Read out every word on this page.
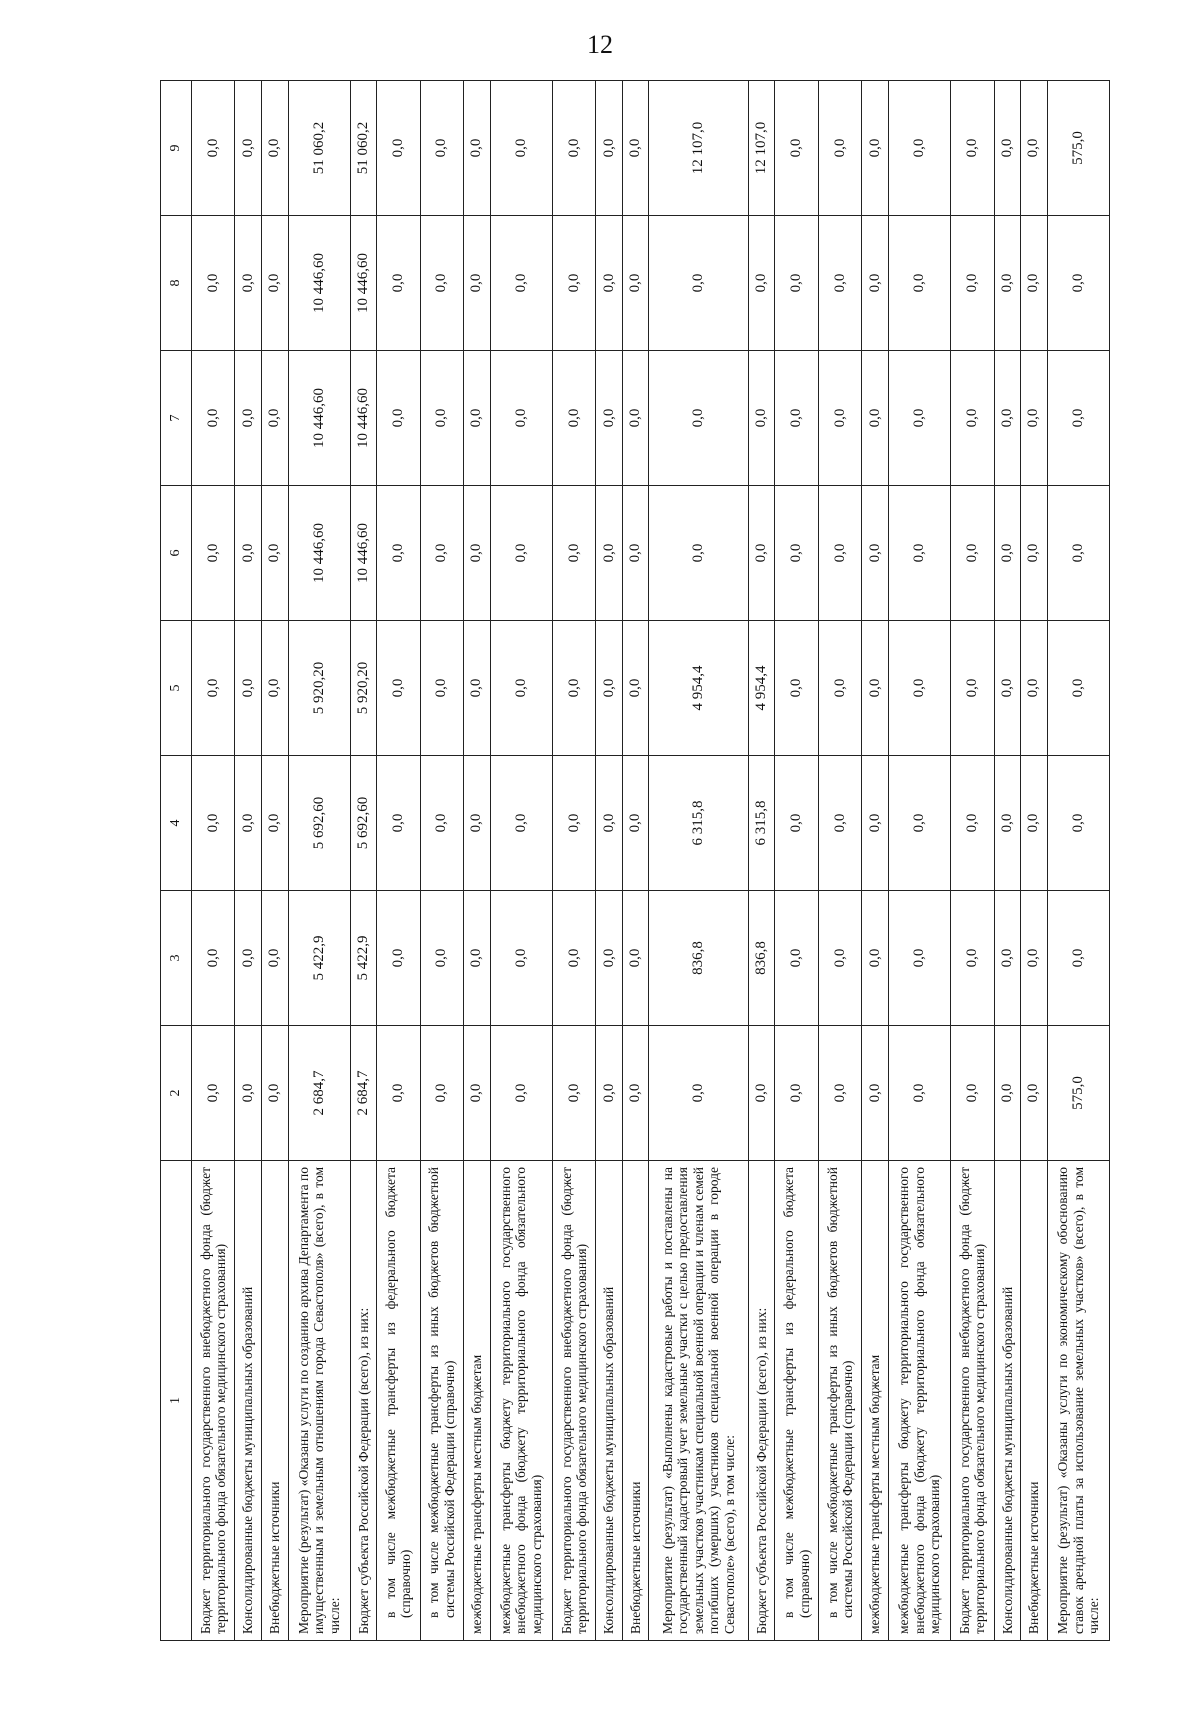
12
1	2	3	4	5	6	7	8	9
Бюджет территориального государственного внебюджетного фонда (бюджет территориального фонда обязательного медицинского страхования)	0,0	0,0	0,0	0,0	0,0	0,0	0,0	0,0
Консолидированные бюджеты муниципальных образований	0,0	0,0	0,0	0,0	0,0	0,0	0,0	0,0
Внебюджетные источники	0,0	0,0	0,0	0,0	0,0	0,0	0,0	0,0
Мероприятие (результат) «Оказаны услуги по созданию архива Департамента по имущественным и земельным отношениям города Севастополя» (всего), в том числе:	2 684,7	5 422,9	5 692,60	5 920,20	10 446,60	10 446,60	10 446,60	51 060,2
Бюджет субъекта Российской Федерации (всего), из них:	2 684,7	5 422,9	5 692,60	5 920,20	10 446,60	10 446,60	10 446,60	51 060,2
в том числе межбюджетные трансферты из федерального бюджета (справочно)	0,0	0,0	0,0	0,0	0,0	0,0	0,0	0,0
в том числе межбюджетные трансферты из иных бюджетов бюджетной системы Российской Федерации (справочно)	0,0	0,0	0,0	0,0	0,0	0,0	0,0	0,0
межбюджетные трансферты местным бюджетам	0,0	0,0	0,0	0,0	0,0	0,0	0,0	0,0
межбюджетные трансферты бюджету территориального государственного внебюджетного фонда (бюджету территориального фонда обязательного медицинского страхования)	0,0	0,0	0,0	0,0	0,0	0,0	0,0	0,0
Бюджет территориального государственного внебюджетного фонда (бюджет территориального фонда обязательного медицинского страхования)	0,0	0,0	0,0	0,0	0,0	0,0	0,0	0,0
Консолидированные бюджеты муниципальных образований	0,0	0,0	0,0	0,0	0,0	0,0	0,0	0,0
Внебюджетные источники	0,0	0,0	0,0	0,0	0,0	0,0	0,0	0,0
Мероприятие (результат) «Выполнены кадастровые работы и поставлены на государственный кадастровый учет земельные участки с целью предоставления земельных участков участникам специальной военной операции и членам семей погибших (умерших) участников специальной военной операции в городе Севастополе» (всего), в том числе:	0,0	836,8	6 315,8	4 954,4	0,0	0,0	0,0	12 107,0
Бюджет субъекта Российской Федерации (всего), из них:	0,0	836,8	6 315,8	4 954,4	0,0	0,0	0,0	12 107,0
в том числе межбюджетные трансферты из федерального бюджета (справочно)	0,0	0,0	0,0	0,0	0,0	0,0	0,0	0,0
в том числе межбюджетные трансферты из иных бюджетов бюджетной системы Российской Федерации (справочно)	0,0	0,0	0,0	0,0	0,0	0,0	0,0	0,0
межбюджетные трансферты местным бюджетам	0,0	0,0	0,0	0,0	0,0	0,0	0,0	0,0
межбюджетные трансферты бюджету территориального государственного внебюджетного фонда (бюджету территориального фонда обязательного медицинского страхования)	0,0	0,0	0,0	0,0	0,0	0,0	0,0	0,0
Бюджет территориального государственного внебюджетного фонда (бюджет территориального фонда обязательного медицинского страхования)	0,0	0,0	0,0	0,0	0,0	0,0	0,0	0,0
Консолидированные бюджеты муниципальных образований	0,0	0,0	0,0	0,0	0,0	0,0	0,0	0,0
Внебюджетные источники	0,0	0,0	0,0	0,0	0,0	0,0	0,0	0,0
Мероприятие (результат) «Оказаны услуги по экономическому обоснованию ставок арендной платы за использование земельных участков» (всего), в том числе:	575,0	0,0	0,0	0,0	0,0	0,0	0,0	575,0
